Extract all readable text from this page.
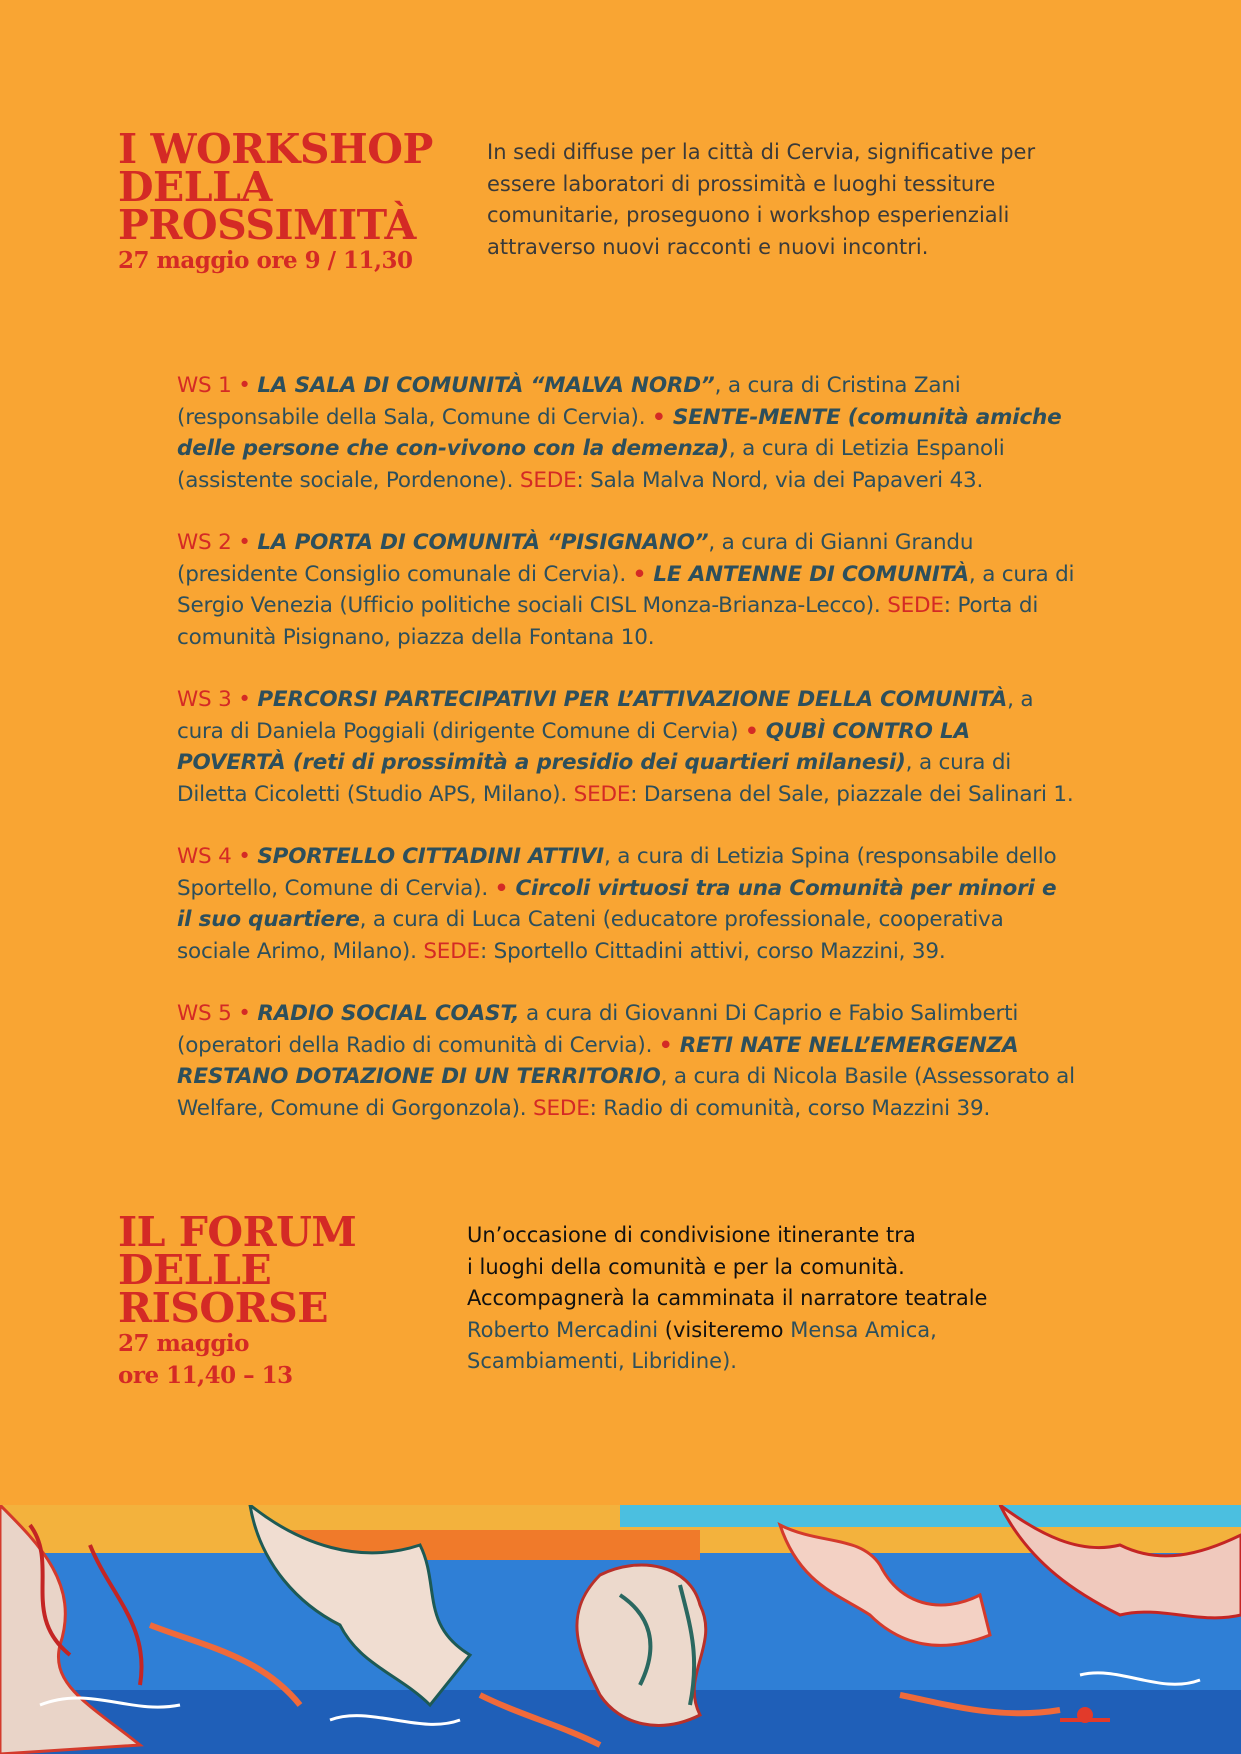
I WORKSHOP
DELLA
PROSSIMITÀ
27 maggio ore 9 / 11,30

In sedi diffuse per la città di Cervia, significative per essere laboratori di prossimità e luoghi tessiture comunitarie, proseguono i workshop esperienziali attraverso nuovi racconti e nuovi incontri.

WS 1 • LA SALA DI COMUNITÀ “MALVA NORD”, a cura di Cristina Zani (responsabile della Sala, Comune di Cervia). • SENTE-MENTE (comunità amiche delle persone che con-vivono con la demenza), a cura di Letizia Espanoli (assistente sociale, Pordenone). SEDE: Sala Malva Nord, via dei Papaveri 43.

WS 2 • LA PORTA DI COMUNITÀ “PISIGNANO”, a cura di Gianni Grandu (presidente Consiglio comunale di Cervia). • LE ANTENNE DI COMUNITÀ, a cura di Sergio Venezia (Ufficio politiche sociali CISL Monza-Brianza-Lecco). SEDE: Porta di comunità Pisignano, piazza della Fontana 10.

WS 3 • PERCORSI PARTECIPATIVI PER L’ATTIVAZIONE DELLA COMUNITÀ, a cura di Daniela Poggiali (dirigente Comune di Cervia) • QUBÌ CONTRO LA POVERTÀ (reti di prossimità a presidio dei quartieri milanesi), a cura di Diletta Cicoletti (Studio APS, Milano). SEDE: Darsena del Sale, piazzale dei Salinari 1.

WS 4 • SPORTELLO CITTADINI ATTIVI, a cura di Letizia Spina (responsabile dello Sportello, Comune di Cervia). • Circoli virtuosi tra una Comunità per minori e il suo quartiere, a cura di Luca Cateni (educatore professionale, cooperativa sociale Arimo, Milano). SEDE: Sportello Cittadini attivi, corso Mazzini, 39.

WS 5 • RADIO SOCIAL COAST, a cura di Giovanni Di Caprio e Fabio Salimberti (operatori della Radio di comunità di Cervia). • RETI NATE NELL’EMERGENZA RESTANO DOTAZIONE DI UN TERRITORIO, a cura di Nicola Basile (Assessorato al Welfare, Comune di Gorgonzola). SEDE: Radio di comunità, corso Mazzini 39.

IL FORUM
DELLE
RISORSE
27 maggio
ore 11,40 – 13
Un’occasione di condivisione itinerante tra
i luoghi della comunità e per la comunità.
Accompagnerà la camminata il narratore teatrale
Roberto Mercadini (visiteremo Mensa Amica, Scambiamenti, Libridine).
